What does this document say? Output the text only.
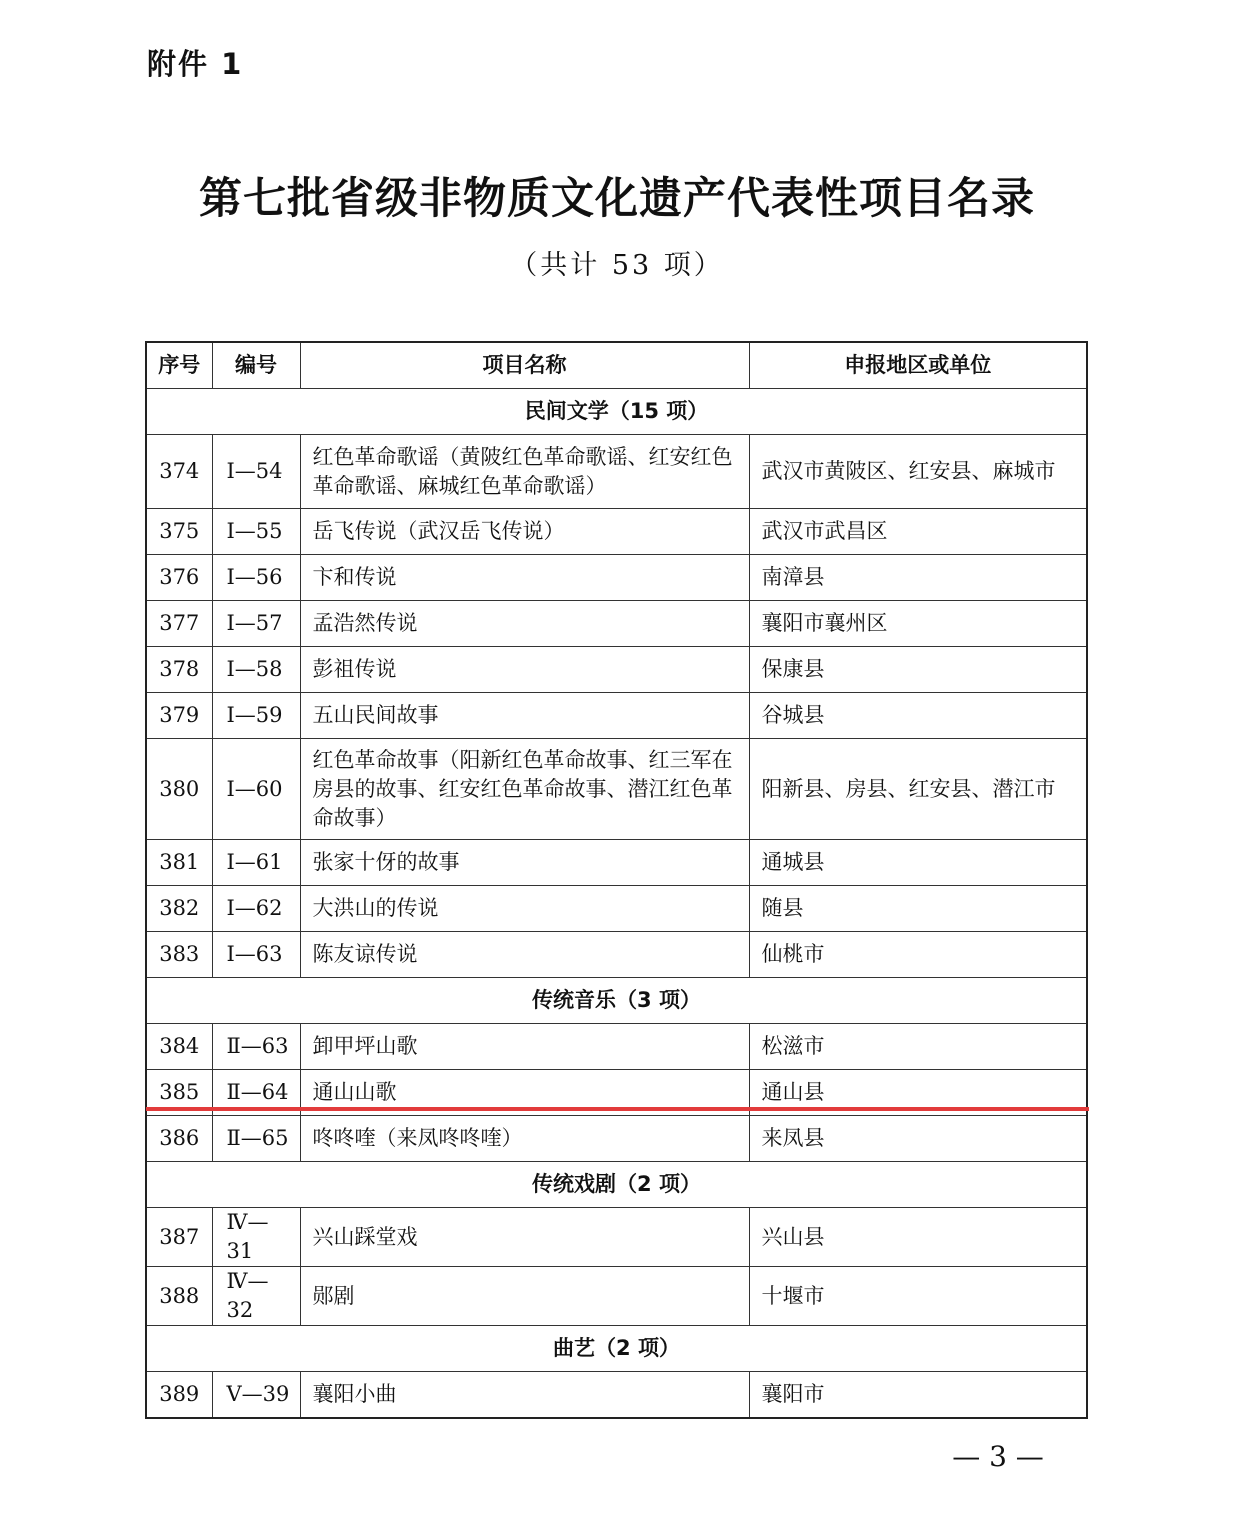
附件 1
第七批省级非物质文化遗产代表性项目名录
（共计 53 项）
序号	编号	项目名称	申报地区或单位
民间文学（15 项）			
374	Ⅰ—54	红色革命歌谣（黄陂红色革命歌谣、红安红色革命歌谣、麻城红色革命歌谣）	武汉市黄陂区、红安县、麻城市
375	Ⅰ—55	岳飞传说（武汉岳飞传说）	武汉市武昌区
376	Ⅰ—56	卞和传说	南漳县
377	Ⅰ—57	孟浩然传说	襄阳市襄州区
378	Ⅰ—58	彭祖传说	保康县
379	Ⅰ—59	五山民间故事	谷城县
380	Ⅰ—60	红色革命故事（阳新红色革命故事、红三军在房县的故事、红安红色革命故事、潜江红色革命故事）	阳新县、房县、红安县、潜江市
381	Ⅰ—61	张家十伢的故事	通城县
382	Ⅰ—62	大洪山的传说	随县
383	Ⅰ—63	陈友谅传说	仙桃市
传统音乐（3 项）			
384	Ⅱ—63	卸甲坪山歌	松滋市
385	Ⅱ—64	通山山歌	通山县
386	Ⅱ—65	咚咚喹（来凤咚咚喹）	来凤县
传统戏剧（2 项）			
387	Ⅳ—31	兴山踩堂戏	兴山县
388	Ⅳ—32	郧剧	十堰市
曲艺（2 项）			
389	Ⅴ—39	襄阳小曲	襄阳市
— 3 —
